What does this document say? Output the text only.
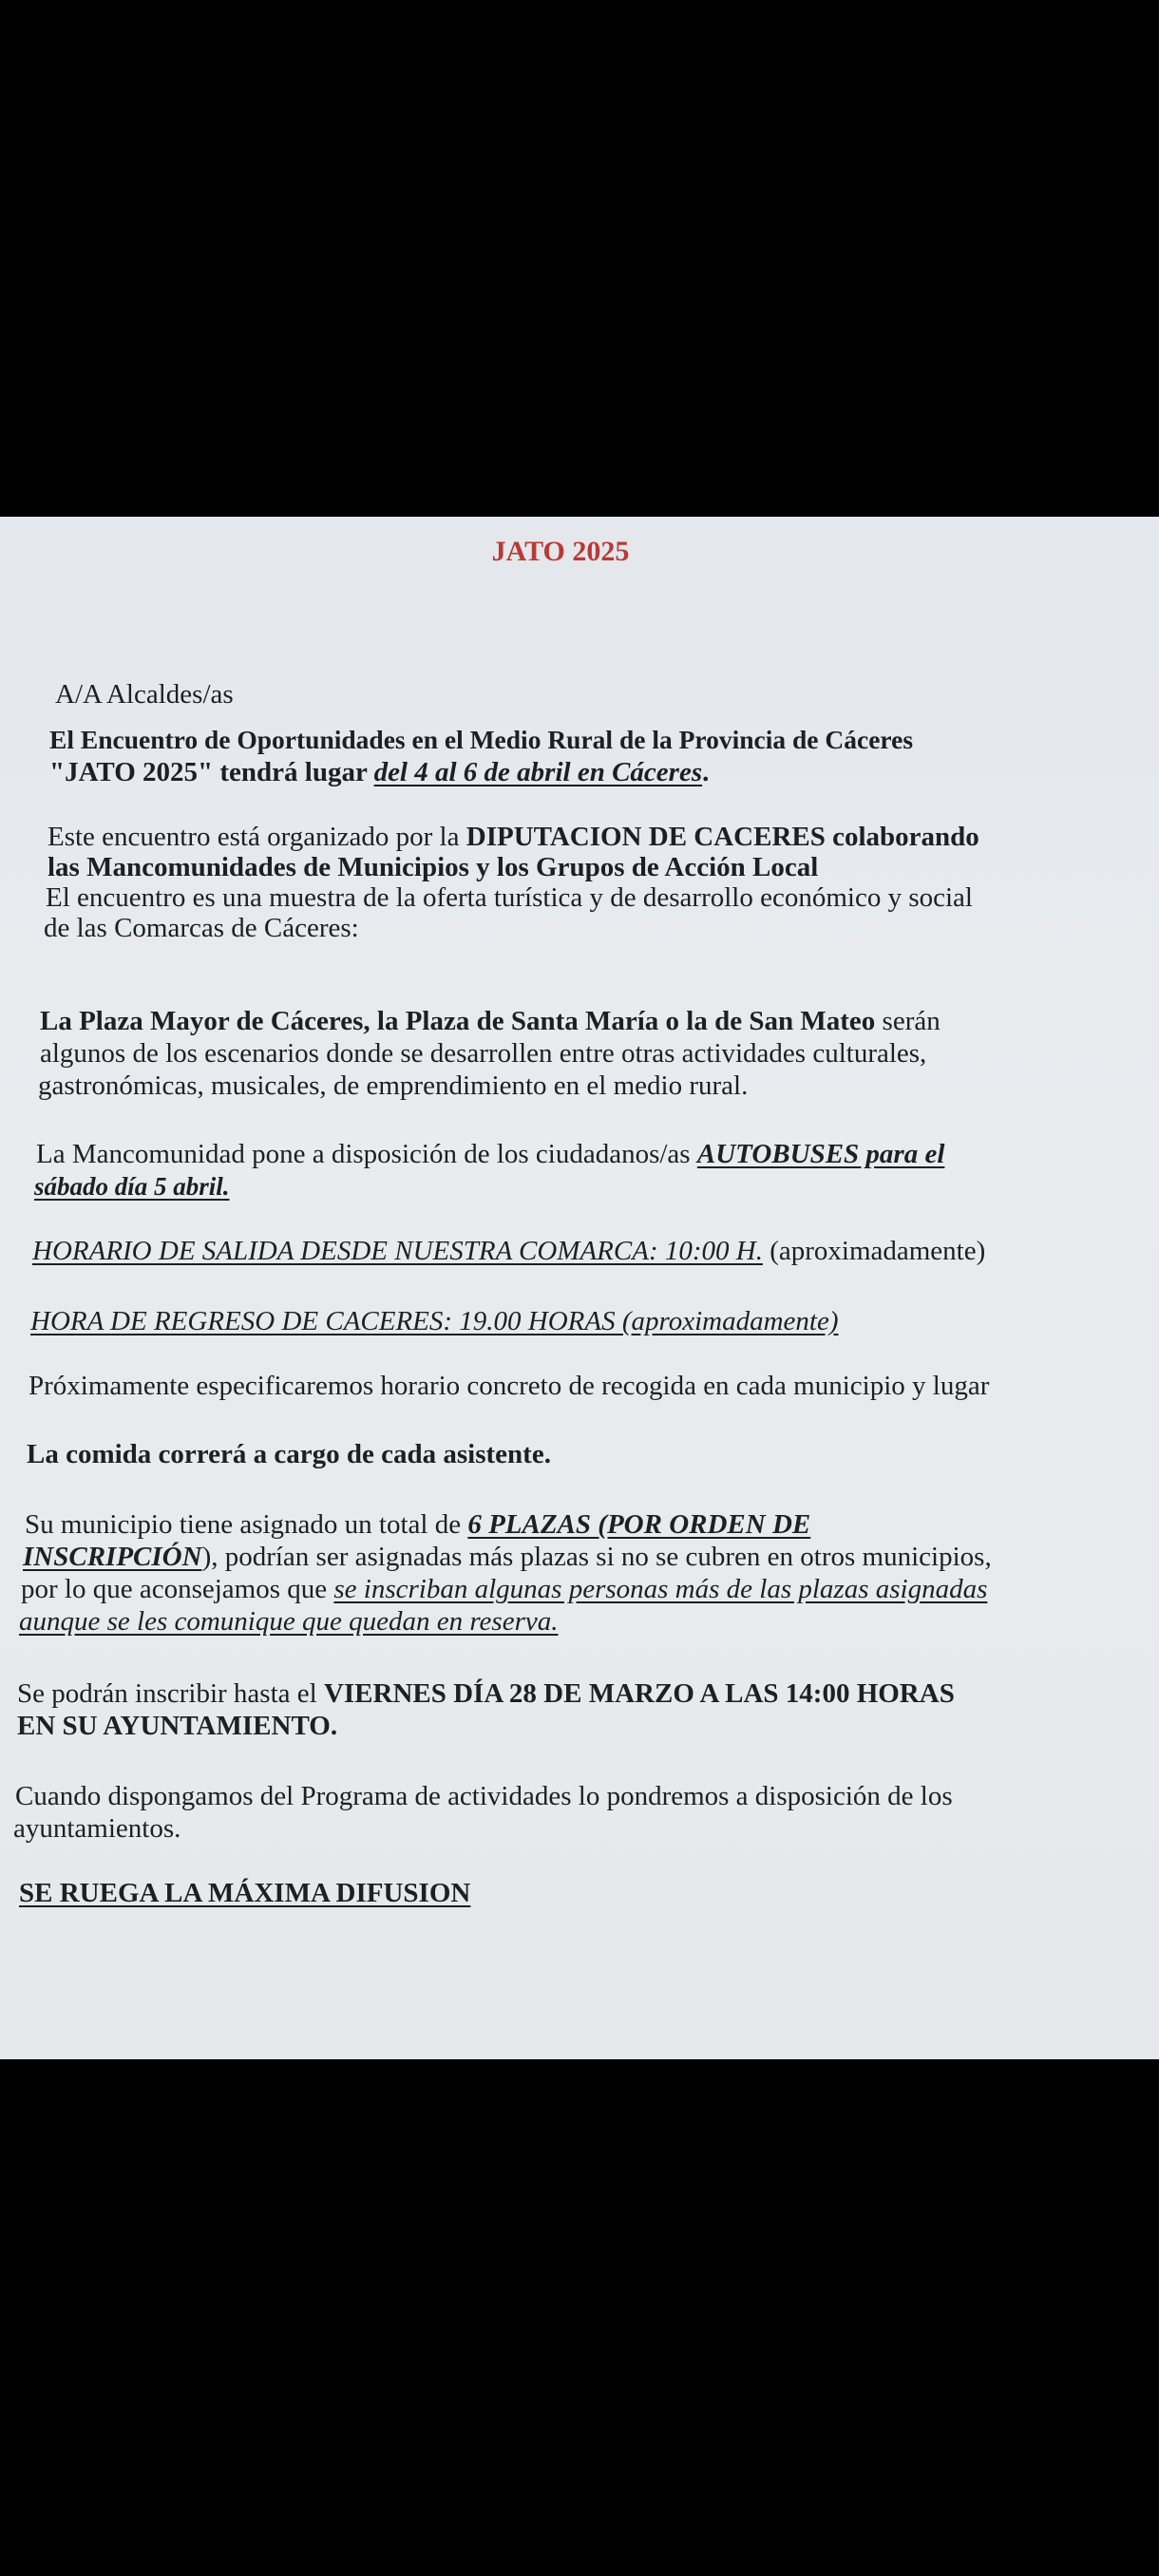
JATO 2025
A/A Alcaldes/as
El Encuentro de Oportunidades en el Medio Rural de la Provincia de Cáceres
"JATO 2025" tendrá lugar del 4 al 6 de abril en Cáceres.
Este encuentro está organizado por la DIPUTACION DE CACERES colaborando
las Mancomunidades de Municipios y los Grupos de Acción Local
El encuentro es una muestra de la oferta turística y de desarrollo económico y social
de las Comarcas de Cáceres:
La Plaza Mayor de Cáceres, la Plaza de Santa María o la de San Mateo serán
algunos de los escenarios donde se desarrollen entre otras actividades culturales,
gastronómicas, musicales, de emprendimiento en el medio rural.
La Mancomunidad pone a disposición de los ciudadanos/as AUTOBUSES para el
sábado día 5 abril.
HORARIO DE SALIDA DESDE NUESTRA COMARCA: 10:00 H. (aproximadamente)
HORA DE REGRESO DE CACERES: 19.00 HORAS (aproximadamente)
Próximamente especificaremos horario concreto de recogida en cada municipio y lugar
La comida correrá a cargo de cada asistente.
Su municipio tiene asignado un total de 6 PLAZAS (POR ORDEN DE
INSCRIPCIÓN), podrían ser asignadas más plazas si no se cubren en otros municipios,
por lo que aconsejamos que se inscriban algunas personas más de las plazas asignadas
aunque se les comunique que quedan en reserva.
Se podrán inscribir hasta el VIERNES DÍA 28 DE MARZO A LAS 14:00 HORAS
EN SU AYUNTAMIENTO.
Cuando dispongamos del Programa de actividades lo pondremos a disposición de los
ayuntamientos.
SE RUEGA LA MÁXIMA DIFUSION
